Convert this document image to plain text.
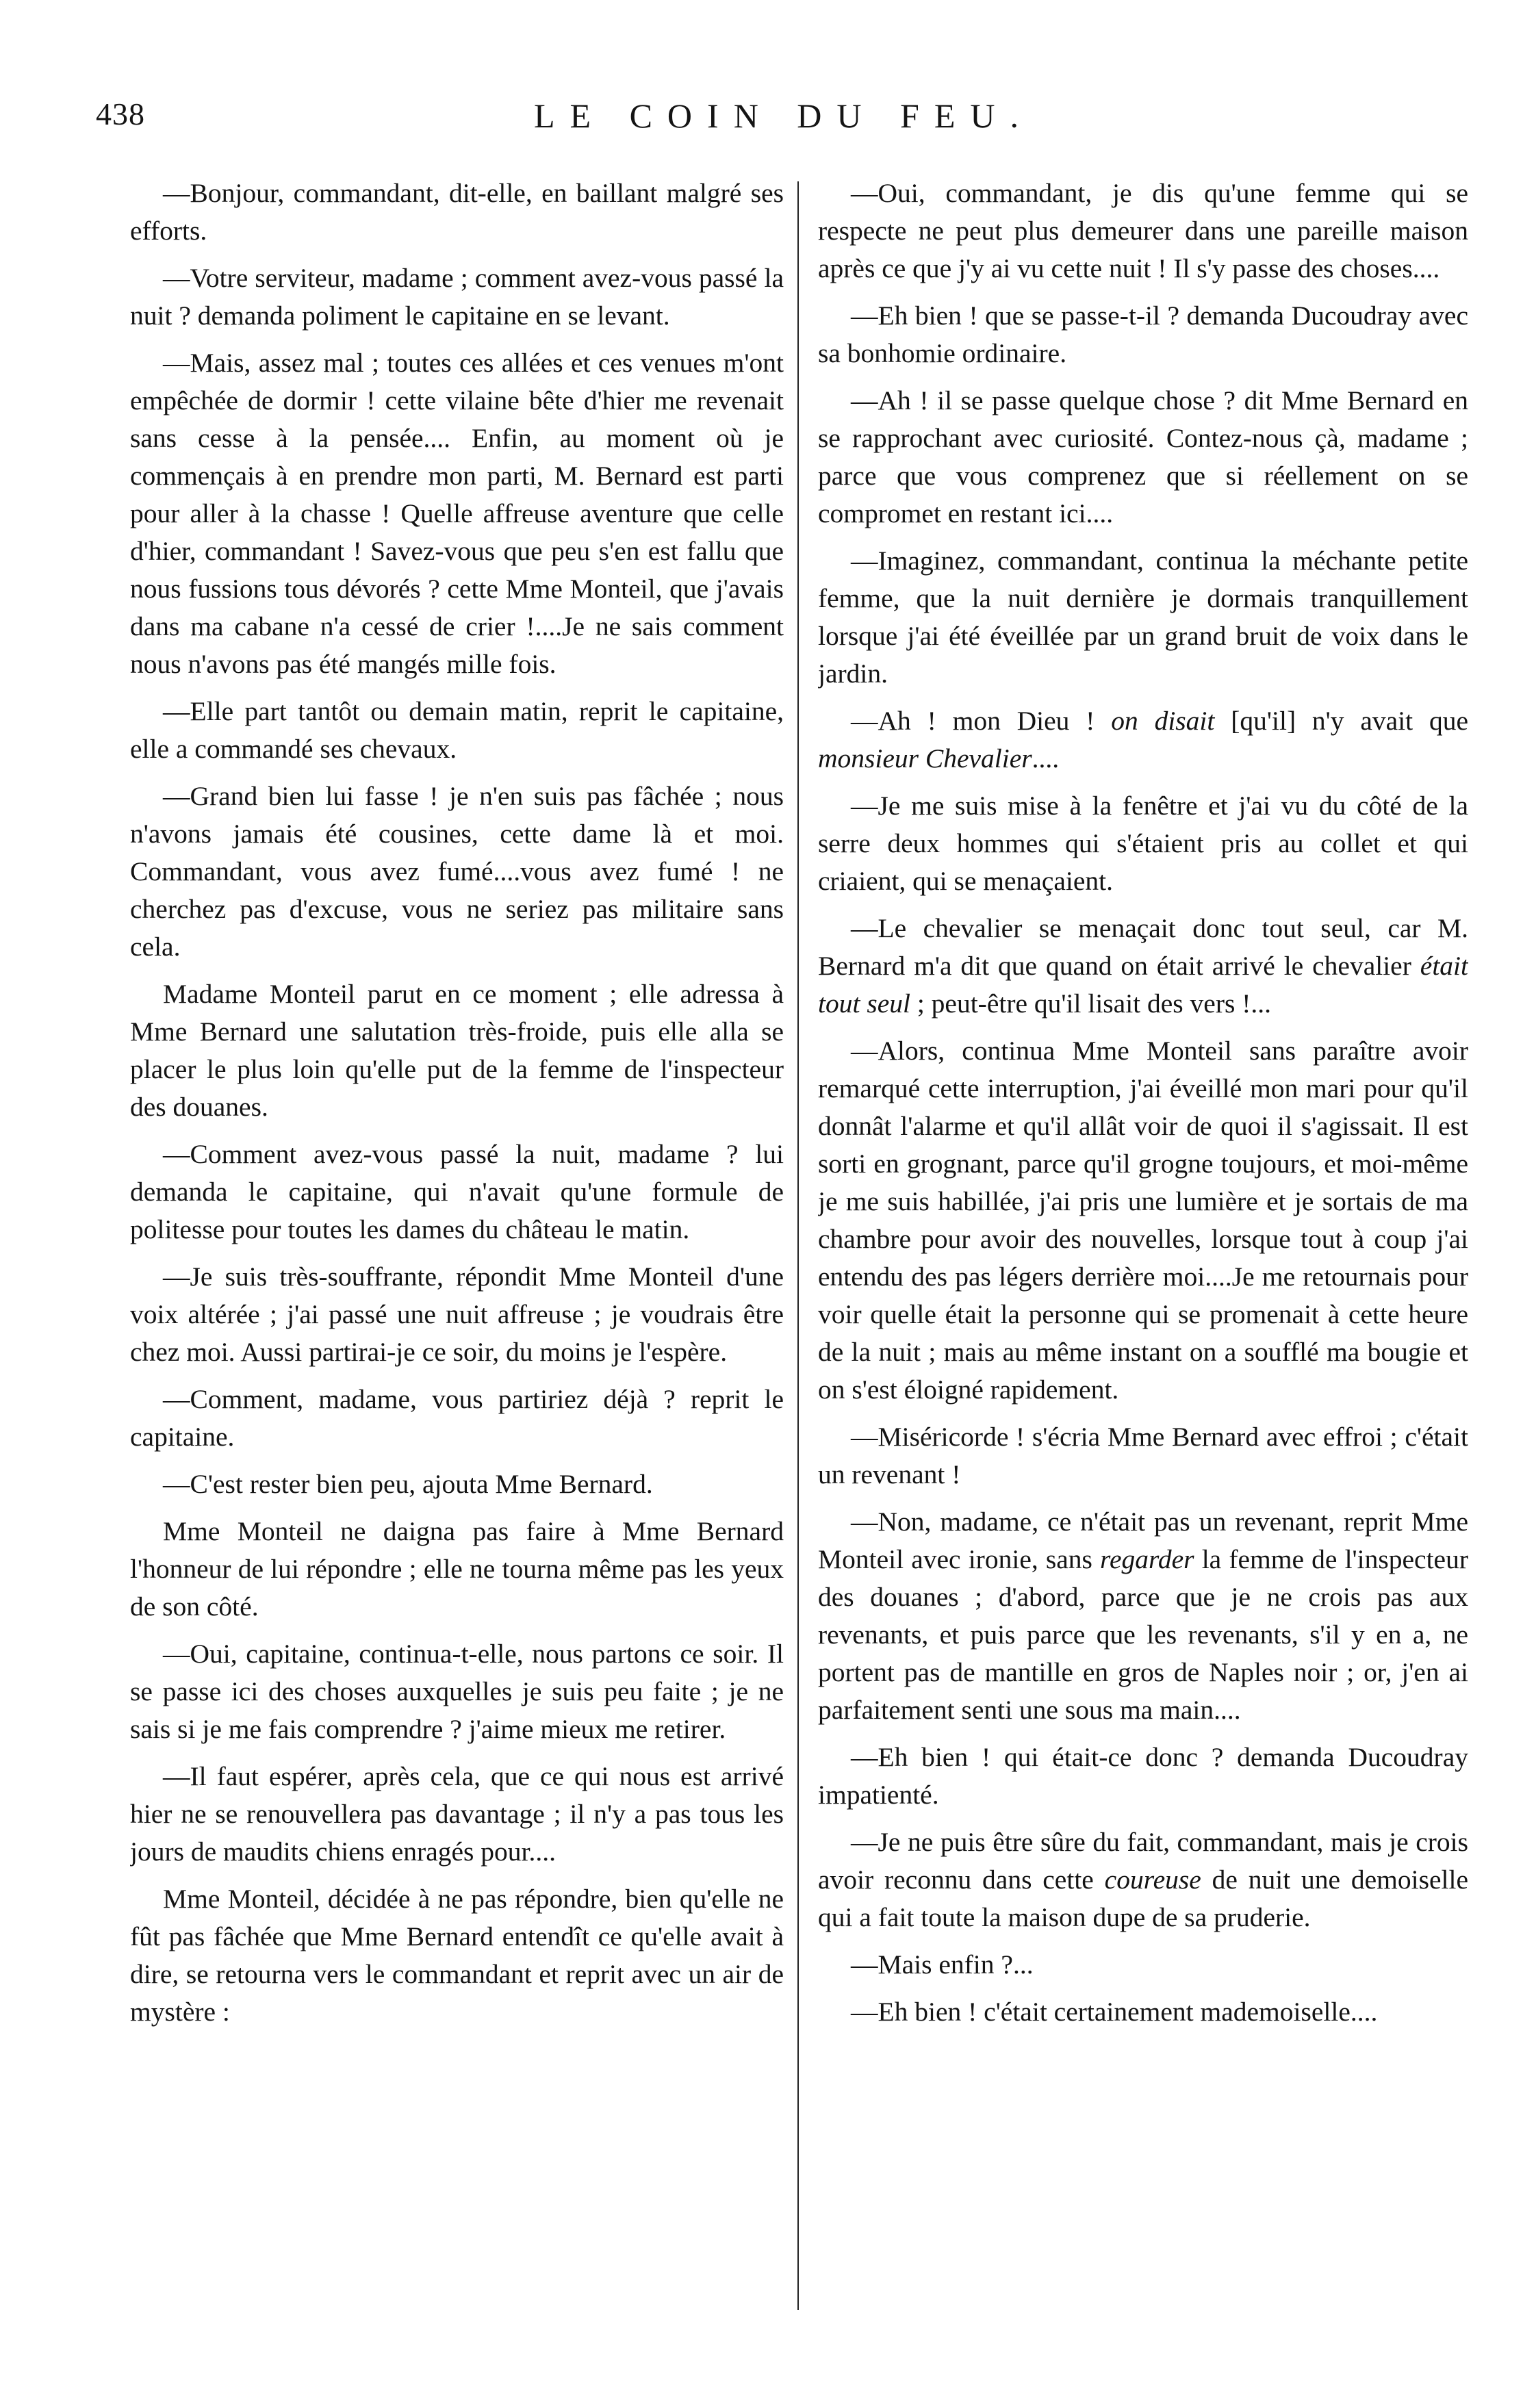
438	LE COIN DU FEU.

—Bonjour, commandant, dit-elle, en baillant malgré ses efforts.

—Votre serviteur, madame ; comment avez-vous passé la nuit ? demanda poliment le capitaine en se levant.

—Mais, assez mal ; toutes ces allées et ces venues m'ont empêchée de dormir ! cette vilaine bête d'hier me revenait sans cesse à la pensée.... Enfin, au moment où je commençais à en prendre mon parti, M. Bernard est parti pour aller à la chasse ! Quelle affreuse aventure que celle d'hier, commandant ! Savez-vous que peu s'en est fallu que nous fussions tous dévorés ? cette Mme Monteil, que j'avais dans ma cabane n'a cessé de crier !....Je ne sais comment nous n'avons pas été mangés mille fois.

—Elle part tantôt ou demain matin, reprit le capitaine, elle a commandé ses chevaux.

—Grand bien lui fasse ! je n'en suis pas fâchée ; nous n'avons jamais été cousines, cette dame là et moi. Commandant, vous avez fumé....vous avez fumé ! ne cherchez pas d'excuse, vous ne seriez pas militaire sans cela.

Madame Monteil parut en ce moment ; elle adressa à Mme Bernard une salutation très-froide, puis elle alla se placer le plus loin qu'elle put de la femme de l'inspecteur des douanes.

—Comment avez-vous passé la nuit, madame ? lui demanda le capitaine, qui n'avait qu'une formule de politesse pour toutes les dames du château le matin.

—Je suis très-souffrante, répondit Mme Monteil d'une voix altérée ; j'ai passé une nuit affreuse ; je voudrais être chez moi. Aussi partirai-je ce soir, du moins je l'espère.

—Comment, madame, vous partiriez déjà ? reprit le capitaine.

—C'est rester bien peu, ajouta Mme Bernard.

Mme Monteil ne daigna pas faire à Mme Bernard l'honneur de lui répondre ; elle ne tourna même pas les yeux de son côté.

—Oui, capitaine, continua-t-elle, nous partons ce soir. Il se passe ici des choses auxquelles je suis peu faite ; je ne sais si je me fais comprendre ? j'aime mieux me retirer.

—Il faut espérer, après cela, que ce qui nous est arrivé hier ne se renouvellera pas davantage ; il n'y a pas tous les jours de maudits chiens enragés pour....

Mme Monteil, décidée à ne pas répondre, bien qu'elle ne fût pas fâchée que Mme Bernard entendît ce qu'elle avait à dire, se retourna vers le commandant et reprit avec un air de mystère :

—Oui, commandant, je dis qu'une femme qui se respecte ne peut plus demeurer dans une pareille maison après ce que j'y ai vu cette nuit ! Il s'y passe des choses....

—Eh bien ! que se passe-t-il ? demanda Ducoudray avec sa bonhomie ordinaire.

—Ah ! il se passe quelque chose ? dit Mme Bernard en se rapprochant avec curiosité. Contez-nous çà, madame ; parce que vous comprenez que si réellement on se compromet en restant ici....

—Imaginez, commandant, continua la méchante petite femme, que la nuit dernière je dormais tranquillement lorsque j'ai été éveillée par un grand bruit de voix dans le jardin.

—Ah ! mon Dieu ! on disait [qu'il] n'y avait que monsieur Chevalier....

—Je me suis mise à la fenêtre et j'ai vu du côté de la serre deux hommes qui s'étaient pris au collet et qui criaient, qui se menaçaient.

—Le chevalier se menaçait donc tout seul, car M. Bernard m'a dit que quand on était arrivé le chevalier était tout seul ; peut-être qu'il lisait des vers !...

—Alors, continua Mme Monteil sans paraître avoir remarqué cette interruption, j'ai éveillé mon mari pour qu'il donnât l'alarme et qu'il allât voir de quoi il s'agissait. Il est sorti en grognant, parce qu'il grogne toujours, et moi-même je me suis habillée, j'ai pris une lumière et je sortais de ma chambre pour avoir des nouvelles, lorsque tout à coup j'ai entendu des pas légers derrière moi....Je me retournais pour voir quelle était la personne qui se promenait à cette heure de la nuit ; mais au même instant on a soufflé ma bougie et on s'est éloigné rapidement.

—Miséricorde ! s'écria Mme Bernard avec effroi ; c'était un revenant !

—Non, madame, ce n'était pas un revenant, reprit Mme Monteil avec ironie, sans regarder la femme de l'inspecteur des douanes ; d'abord, parce que je ne crois pas aux revenants, et puis parce que les revenants, s'il y en a, ne portent pas de mantille en gros de Naples noir ; or, j'en ai parfaitement senti une sous ma main....

—Eh bien ! qui était-ce donc ? demanda Ducoudray impatienté.

—Je ne puis être sûre du fait, commandant, mais je crois avoir reconnu dans cette coureuse de nuit une demoiselle qui a fait toute la maison dupe de sa pruderie.

—Mais enfin ?...

—Eh bien ! c'était certainement mademoiselle....
